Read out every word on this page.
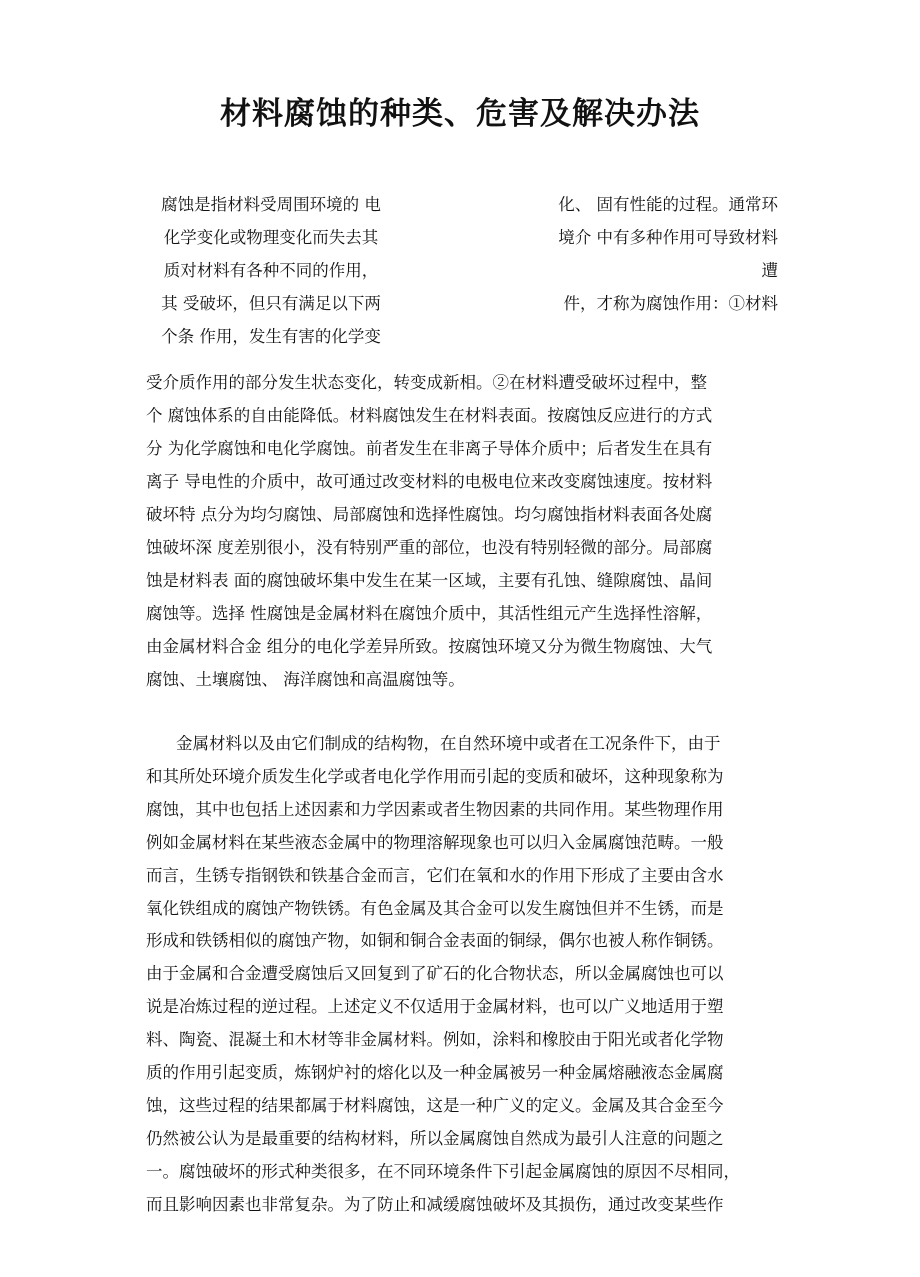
材料腐蚀的种类、危害及解决办法
腐蚀是指材料受周围环境的 电
化学变化或物理变化而失去其
质对材料有各种不同的作用，
其 受破坏，但只有满足以下两
个条 作用，发生有害的化学变
化、 固有性能的过程。通常环
境介 中有多种作用可导致材料
遭
件，才称为腐蚀作用：①材料
受介质作用的部分发生状态变化，转变成新相。②在材料遭受破坏过程中，整
个 腐蚀体系的自由能降低。材料腐蚀发生在材料表面。按腐蚀反应进行的方式
分 为化学腐蚀和电化学腐蚀。前者发生在非离子导体介质中；后者发生在具有
离子 导电性的介质中，故可通过改变材料的电极电位来改变腐蚀速度。按材料
破坏特 点分为均匀腐蚀、局部腐蚀和选择性腐蚀。均匀腐蚀指材料表面各处腐
蚀破坏深 度差别很小，没有特别严重的部位，也没有特别轻微的部分。局部腐
蚀是材料表 面的腐蚀破坏集中发生在某一区域，主要有孔蚀、缝隙腐蚀、晶间
腐蚀等。选择 性腐蚀是金属材料在腐蚀介质中，其活性组元产生选择性溶解，
由金属材料合金 组分的电化学差异所致。按腐蚀环境又分为微生物腐蚀、大气
腐蚀、土壤腐蚀、 海洋腐蚀和高温腐蚀等。
金属材料以及由它们制成的结构物，在自然环境中或者在工况条件下，由于
和其所处环境介质发生化学或者电化学作用而引起的变质和破坏，这种现象称为
腐蚀，其中也包括上述因素和力学因素或者生物因素的共同作用。某些物理作用
例如金属材料在某些液态金属中的物理溶解现象也可以归入金属腐蚀范畴。一般
而言，生锈专指钢铁和铁基合金而言，它们在氧和水的作用下形成了主要由含水
氧化铁组成的腐蚀产物铁锈。有色金属及其合金可以发生腐蚀但并不生锈，而是
形成和铁锈相似的腐蚀产物，如铜和铜合金表面的铜绿，偶尔也被人称作铜锈。
由于金属和合金遭受腐蚀后又回复到了矿石的化合物状态，所以金属腐蚀也可以
说是冶炼过程的逆过程。上述定义不仅适用于金属材料，也可以广义地适用于塑
料、陶瓷、混凝土和木材等非金属材料。例如，涂料和橡胶由于阳光或者化学物
质的作用引起变质，炼钢炉衬的熔化以及一种金属被另一种金属熔融液态金属腐
蚀，这些过程的结果都属于材料腐蚀，这是一种广义的定义。金属及其合金至今
仍然被公认为是最重要的结构材料，所以金属腐蚀自然成为最引人注意的问题之
一。腐蚀破坏的形式种类很多，在不同环境条件下引起金属腐蚀的原因不尽相同，
而且影响因素也非常复杂。为了防止和减缓腐蚀破坏及其损伤，通过改变某些作
